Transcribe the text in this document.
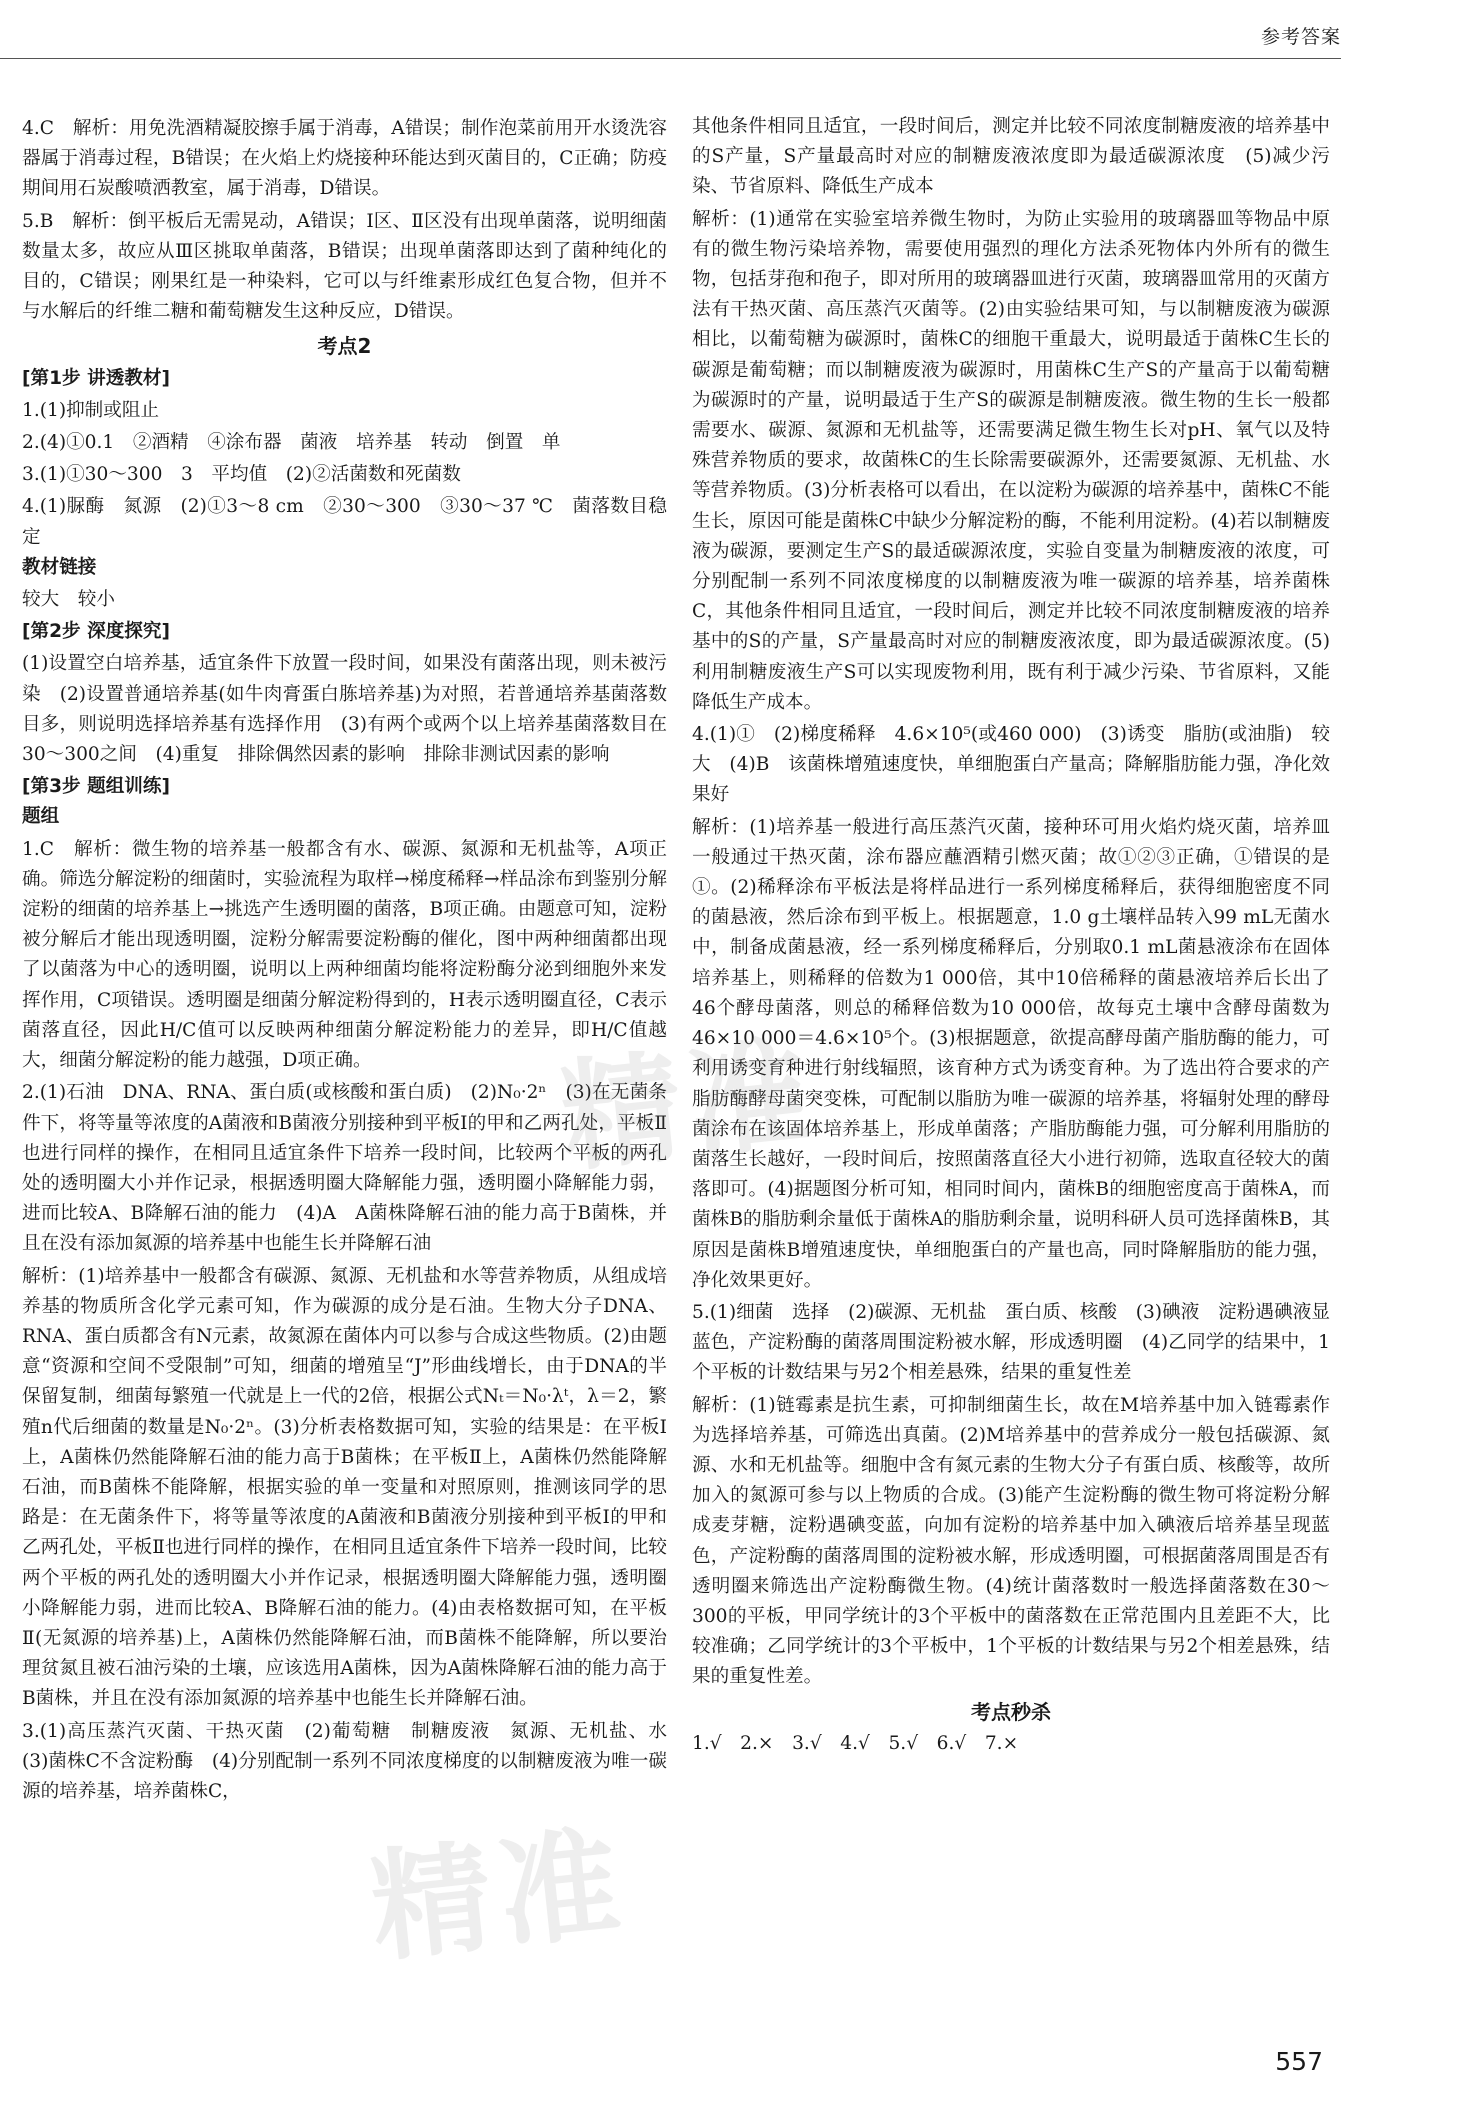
参考答案

4.C　解析：用免洗酒精凝胶擦手属于消毒，A错误；制作泡菜前用开水烫洗容器属于消毒过程，B错误；在火焰上灼烧接种环能达到灭菌目的，C正确；防疫期间用石炭酸喷洒教室，属于消毒，D错误。

5.B　解析：倒平板后无需晃动，A错误；Ⅰ区、Ⅱ区没有出现单菌落，说明细菌数量太多，故应从Ⅲ区挑取单菌落，B错误；出现单菌落即达到了菌种纯化的目的，C错误；刚果红是一种染料，它可以与纤维素形成红色复合物，但并不与水解后的纤维二糖和葡萄糖发生这种反应，D错误。

考点2
[第1步 讲透教材]

1.(1)抑制或阻止

2.(4)①0.1　②酒精　④涂布器　菌液　培养基　转动　倒置　单

3.(1)①30～300　3　平均值　(2)②活菌数和死菌数

4.(1)脲酶　氮源　(2)①3～8 cm　②30～300　③30～37 ℃　菌落数目稳定

教材链接

较大　较小

[第2步 深度探究]

(1)设置空白培养基，适宜条件下放置一段时间，如果没有菌落出现，则未被污染　(2)设置普通培养基(如牛肉膏蛋白胨培养基)为对照，若普通培养基菌落数目多，则说明选择培养基有选择作用　(3)有两个或两个以上培养基菌落数目在30～300之间　(4)重复　排除偶然因素的影响　排除非测试因素的影响

[第3步 题组训练]
题组

1.C　解析：微生物的培养基一般都含有水、碳源、氮源和无机盐等，A项正确。筛选分解淀粉的细菌时，实验流程为取样→梯度稀释→样品涂布到鉴别分解淀粉的细菌的培养基上→挑选产生透明圈的菌落，B项正确。由题意可知，淀粉被分解后才能出现透明圈，淀粉分解需要淀粉酶的催化，图中两种细菌都出现了以菌落为中心的透明圈，说明以上两种细菌均能将淀粉酶分泌到细胞外来发挥作用，C项错误。透明圈是细菌分解淀粉得到的，H表示透明圈直径，C表示菌落直径，因此H/C值可以反映两种细菌分解淀粉能力的差异，即H/C值越大，细菌分解淀粉的能力越强，D项正确。

2.(1)石油　DNA、RNA、蛋白质(或核酸和蛋白质)　(2)N₀·2ⁿ　(3)在无菌条件下，将等量等浓度的A菌液和B菌液分别接种到平板Ⅰ的甲和乙两孔处，平板Ⅱ也进行同样的操作，在相同且适宜条件下培养一段时间，比较两个平板的两孔处的透明圈大小并作记录，根据透明圈大降解能力强，透明圈小降解能力弱，进而比较A、B降解石油的能力　(4)A　A菌株降解石油的能力高于B菌株，并且在没有添加氮源的培养基中也能生长并降解石油

解析：(1)培养基中一般都含有碳源、氮源、无机盐和水等营养物质，从组成培养基的物质所含化学元素可知，作为碳源的成分是石油。生物大分子DNA、RNA、蛋白质都含有N元素，故氮源在菌体内可以参与合成这些物质。(2)由题意“资源和空间不受限制”可知，细菌的增殖呈“J”形曲线增长，由于DNA的半保留复制，细菌每繁殖一代就是上一代的2倍，根据公式Nₜ＝N₀·λᵗ，λ＝2，繁殖n代后细菌的数量是N₀·2ⁿ。(3)分析表格数据可知，实验的结果是：在平板Ⅰ上，A菌株仍然能降解石油的能力高于B菌株；在平板Ⅱ上，A菌株仍然能降解石油，而B菌株不能降解，根据实验的单一变量和对照原则，推测该同学的思路是：在无菌条件下，将等量等浓度的A菌液和B菌液分别接种到平板Ⅰ的甲和乙两孔处，平板Ⅱ也进行同样的操作，在相同且适宜条件下培养一段时间，比较两个平板的两孔处的透明圈大小并作记录，根据透明圈大降解能力强，透明圈小降解能力弱，进而比较A、B降解石油的能力。(4)由表格数据可知，在平板Ⅱ(无氮源的培养基)上，A菌株仍然能降解石油，而B菌株不能降解，所以要治理贫氮且被石油污染的土壤，应该选用A菌株，因为A菌株降解石油的能力高于B菌株，并且在没有添加氮源的培养基中也能生长并降解石油。

3.(1)高压蒸汽灭菌、干热灭菌　(2)葡萄糖　制糖废液　氮源、无机盐、水　(3)菌株C不含淀粉酶　(4)分别配制一系列不同浓度梯度的以制糖废液为唯一碳源的培养基，培养菌株C，

其他条件相同且适宜，一段时间后，测定并比较不同浓度制糖废液的培养基中的S产量，S产量最高时对应的制糖废液浓度即为最适碳源浓度　(5)减少污染、节省原料、降低生产成本

解析：(1)通常在实验室培养微生物时，为防止实验用的玻璃器皿等物品中原有的微生物污染培养物，需要使用强烈的理化方法杀死物体内外所有的微生物，包括芽孢和孢子，即对所用的玻璃器皿进行灭菌，玻璃器皿常用的灭菌方法有干热灭菌、高压蒸汽灭菌等。(2)由实验结果可知，与以制糖废液为碳源相比，以葡萄糖为碳源时，菌株C的细胞干重最大，说明最适于菌株C生长的碳源是葡萄糖；而以制糖废液为碳源时，用菌株C生产S的产量高于以葡萄糖为碳源时的产量，说明最适于生产S的碳源是制糖废液。微生物的生长一般都需要水、碳源、氮源和无机盐等，还需要满足微生物生长对pH、氧气以及特殊营养物质的要求，故菌株C的生长除需要碳源外，还需要氮源、无机盐、水等营养物质。(3)分析表格可以看出，在以淀粉为碳源的培养基中，菌株C不能生长，原因可能是菌株C中缺少分解淀粉的酶，不能利用淀粉。(4)若以制糖废液为碳源，要测定生产S的最适碳源浓度，实验自变量为制糖废液的浓度，可分别配制一系列不同浓度梯度的以制糖废液为唯一碳源的培养基，培养菌株C，其他条件相同且适宜，一段时间后，测定并比较不同浓度制糖废液的培养基中的S的产量，S产量最高时对应的制糖废液浓度，即为最适碳源浓度。(5)利用制糖废液生产S可以实现废物利用，既有利于减少污染、节省原料，又能降低生产成本。

4.(1)①　(2)梯度稀释　4.6×10⁵(或460 000)　(3)诱变　脂肪(或油脂)　较大　(4)B　该菌株增殖速度快，单细胞蛋白产量高；降解脂肪能力强，净化效果好

解析：(1)培养基一般进行高压蒸汽灭菌，接种环可用火焰灼烧灭菌，培养皿一般通过干热灭菌，涂布器应蘸酒精引燃灭菌；故①②③正确，①错误的是①。(2)稀释涂布平板法是将样品进行一系列梯度稀释后，获得细胞密度不同的菌悬液，然后涂布到平板上。根据题意，1.0 g土壤样品转入99 mL无菌水中，制备成菌悬液，经一系列梯度稀释后，分别取0.1 mL菌悬液涂布在固体培养基上，则稀释的倍数为1 000倍，其中10倍稀释的菌悬液培养后长出了46个酵母菌落，则总的稀释倍数为10 000倍，故每克土壤中含酵母菌数为46×10 000＝4.6×10⁵个。(3)根据题意，欲提高酵母菌产脂肪酶的能力，可利用诱变育种进行射线辐照，该育种方式为诱变育种。为了选出符合要求的产脂肪酶酵母菌突变株，可配制以脂肪为唯一碳源的培养基，将辐射处理的酵母菌涂布在该固体培养基上，形成单菌落；产脂肪酶能力强，可分解利用脂肪的菌落生长越好，一段时间后，按照菌落直径大小进行初筛，选取直径较大的菌落即可。(4)据题图分析可知，相同时间内，菌株B的细胞密度高于菌株A，而菌株B的脂肪剩余量低于菌株A的脂肪剩余量，说明科研人员可选择菌株B，其原因是菌株B增殖速度快，单细胞蛋白的产量也高，同时降解脂肪的能力强，净化效果更好。

5.(1)细菌　选择　(2)碳源、无机盐　蛋白质、核酸　(3)碘液　淀粉遇碘液显蓝色，产淀粉酶的菌落周围淀粉被水解，形成透明圈　(4)乙同学的结果中，1个平板的计数结果与另2个相差悬殊，结果的重复性差

解析：(1)链霉素是抗生素，可抑制细菌生长，故在M培养基中加入链霉素作为选择培养基，可筛选出真菌。(2)M培养基中的营养成分一般包括碳源、氮源、水和无机盐等。细胞中含有氮元素的生物大分子有蛋白质、核酸等，故所加入的氮源可参与以上物质的合成。(3)能产生淀粉酶的微生物可将淀粉分解成麦芽糖，淀粉遇碘变蓝，向加有淀粉的培养基中加入碘液后培养基呈现蓝色，产淀粉酶的菌落周围的淀粉被水解，形成透明圈，可根据菌落周围是否有透明圈来筛选出产淀粉酶微生物。(4)统计菌落数时一般选择菌落数在30～300的平板，甲同学统计的3个平板中的菌落数在正常范围内且差距不大，比较准确；乙同学统计的3个平板中，1个平板的计数结果与另2个相差悬殊，结果的重复性差。

考点秒杀

1.√　2.×　3.√　4.√　5.√　6.√　7.×

精准
精准
557
